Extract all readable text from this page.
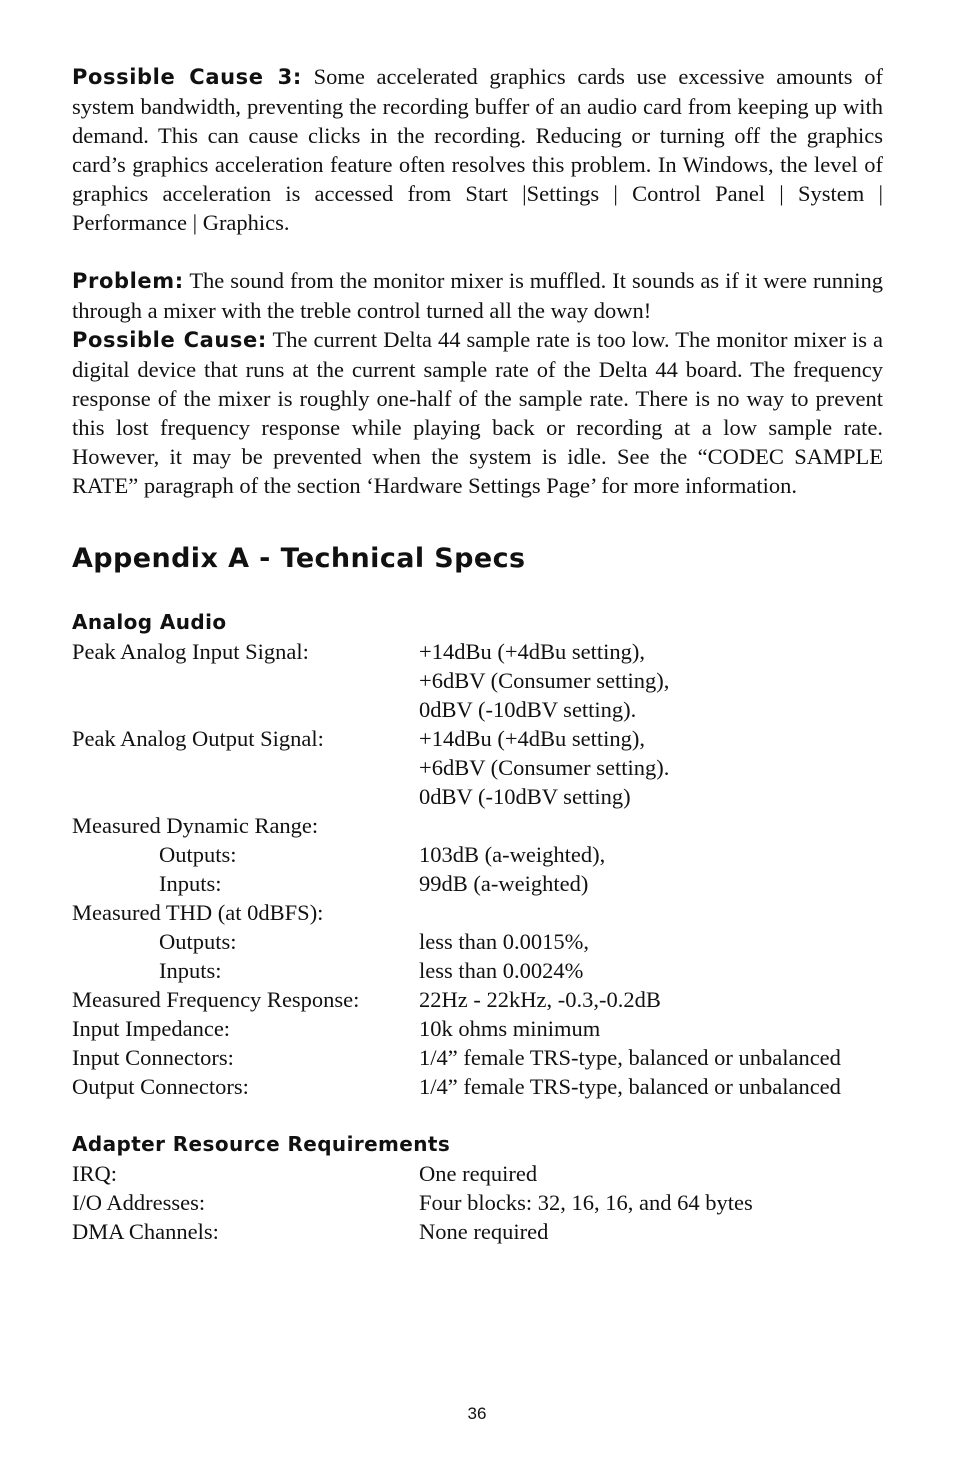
Possible Cause 3: Some accelerated graphics cards use excessive amounts of system bandwidth, preventing the recording buffer of an audio card from keeping up with demand. This can cause clicks in the recording. Reducing or turning off the graphics card’s graphics acceleration feature often resolves this problem. In Windows, the level of graphics acceleration is accessed from Start |Settings | Control Panel | System | Performance | Graphics.

Problem: The sound from the monitor mixer is muffled. It sounds as if it were running through a mixer with the treble control turned all the way down!

Possible Cause: The current Delta 44 sample rate is too low. The monitor mixer is a digital device that runs at the current sample rate of the Delta 44 board. The frequency response of the mixer is roughly one-half of the sample rate. There is no way to prevent this lost frequency response while playing back or recording at a low sample rate. However, it may be prevented when the system is idle. See the “CODEC SAMPLE RATE” paragraph of the section ‘Hardware Settings Page’ for more information.

Appendix A - Technical Specs
Analog Audio
Peak Analog Input Signal:	+14dBu (+4dBu setting),
+6dBV (Consumer setting),
0dBV (-10dBV setting).
Peak Analog Output Signal:	+14dBu (+4dBu setting),
+6dBV (Consumer setting).
0dBV (-10dBV setting)
Measured Dynamic Range:
Outputs:	103dB (a-weighted),
Inputs:	99dB (a-weighted)
Measured THD (at 0dBFS):
Outputs:	less than 0.0015%,
Inputs:	less than 0.0024%
Measured Frequency Response:	22Hz - 22kHz, -0.3,-0.2dB
Input Impedance:	10k ohms minimum
Input Connectors:	1/4” female TRS-type, balanced or unbalanced
Output Connectors:	1/4” female TRS-type, balanced or unbalanced
Adapter Resource Requirements
IRQ:	One required
I/O Addresses:	Four blocks: 32, 16, 16, and 64 bytes
DMA Channels:	None required
36
